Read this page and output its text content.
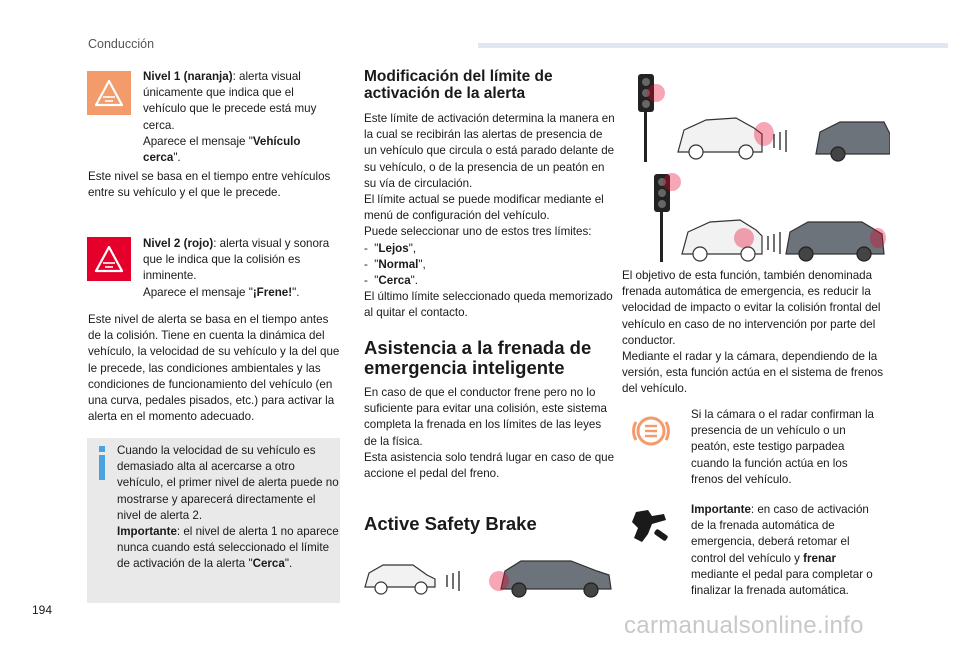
Conducción
Nivel 1 (naranja): alerta visual únicamente que indica que el vehículo que le precede está muy cerca.
Aparece el mensaje "Vehículo cerca".
Este nivel se basa en el tiempo entre vehículos entre su vehículo y el que le precede.
Nivel 2 (rojo): alerta visual y sonora que le indica que la colisión es inminente.
Aparece el mensaje "¡Frene!".
Este nivel de alerta se basa en el tiempo antes de la colisión. Tiene en cuenta la dinámica del vehículo, la velocidad de su vehículo y la del que le precede, las condiciones ambientales y las condiciones de funcionamiento del vehículo (en una curva, pedales pisados, etc.) para activar la alerta en el momento adecuado.

Cuando la velocidad de su vehículo es demasiado alta al acercarse a otro vehículo, el primer nivel de alerta puede no mostrarse y aparecerá directamente el nivel de alerta 2.

Importante: el nivel de alerta 1 no aparece nunca cuando está seleccionado el límite de activación de la alerta "Cerca".

Modificación del límite de activación de la alerta

Este límite de activación determina la manera en la cual se recibirán las alertas de presencia de un vehículo que circula o está parado delante de su vehículo, o de la presencia de un peatón en su vía de circulación.

El límite actual se puede modificar mediante el menú de configuración del vehículo.

Puede seleccionar uno de estos tres límites:

-  "Lejos",

-  "Normal",

-  "Cerca".

El último límite seleccionado queda memorizado al quitar el contacto.

Asistencia a la frenada de emergencia inteligente

En caso de que el conductor frene pero no lo suficiente para evitar una colisión, este sistema completa la frenada en los límites de las leyes de la física.

Esta asistencia solo tendrá lugar en caso de que accione el pedal del freno.

Active Safety Brake

El objetivo de esta función, también denominada frenada automática de emergencia, es reducir la velocidad de impacto o evitar la colisión frontal del vehículo en caso de no intervención por parte del conductor.

Mediante el radar y la cámara, dependiendo de la versión, esta función actúa en el sistema de frenos del vehículo.

Si la cámara o el radar confirman la presencia de un vehículo o un peatón, este testigo parpadea cuando la función actúa en los frenos del vehículo.
Importante: en caso de activación de la frenada automática de emergencia, deberá retomar el control del vehículo y frenar mediante el pedal para completar o finalizar la frenada automática.
194
carmanualsonline.info
